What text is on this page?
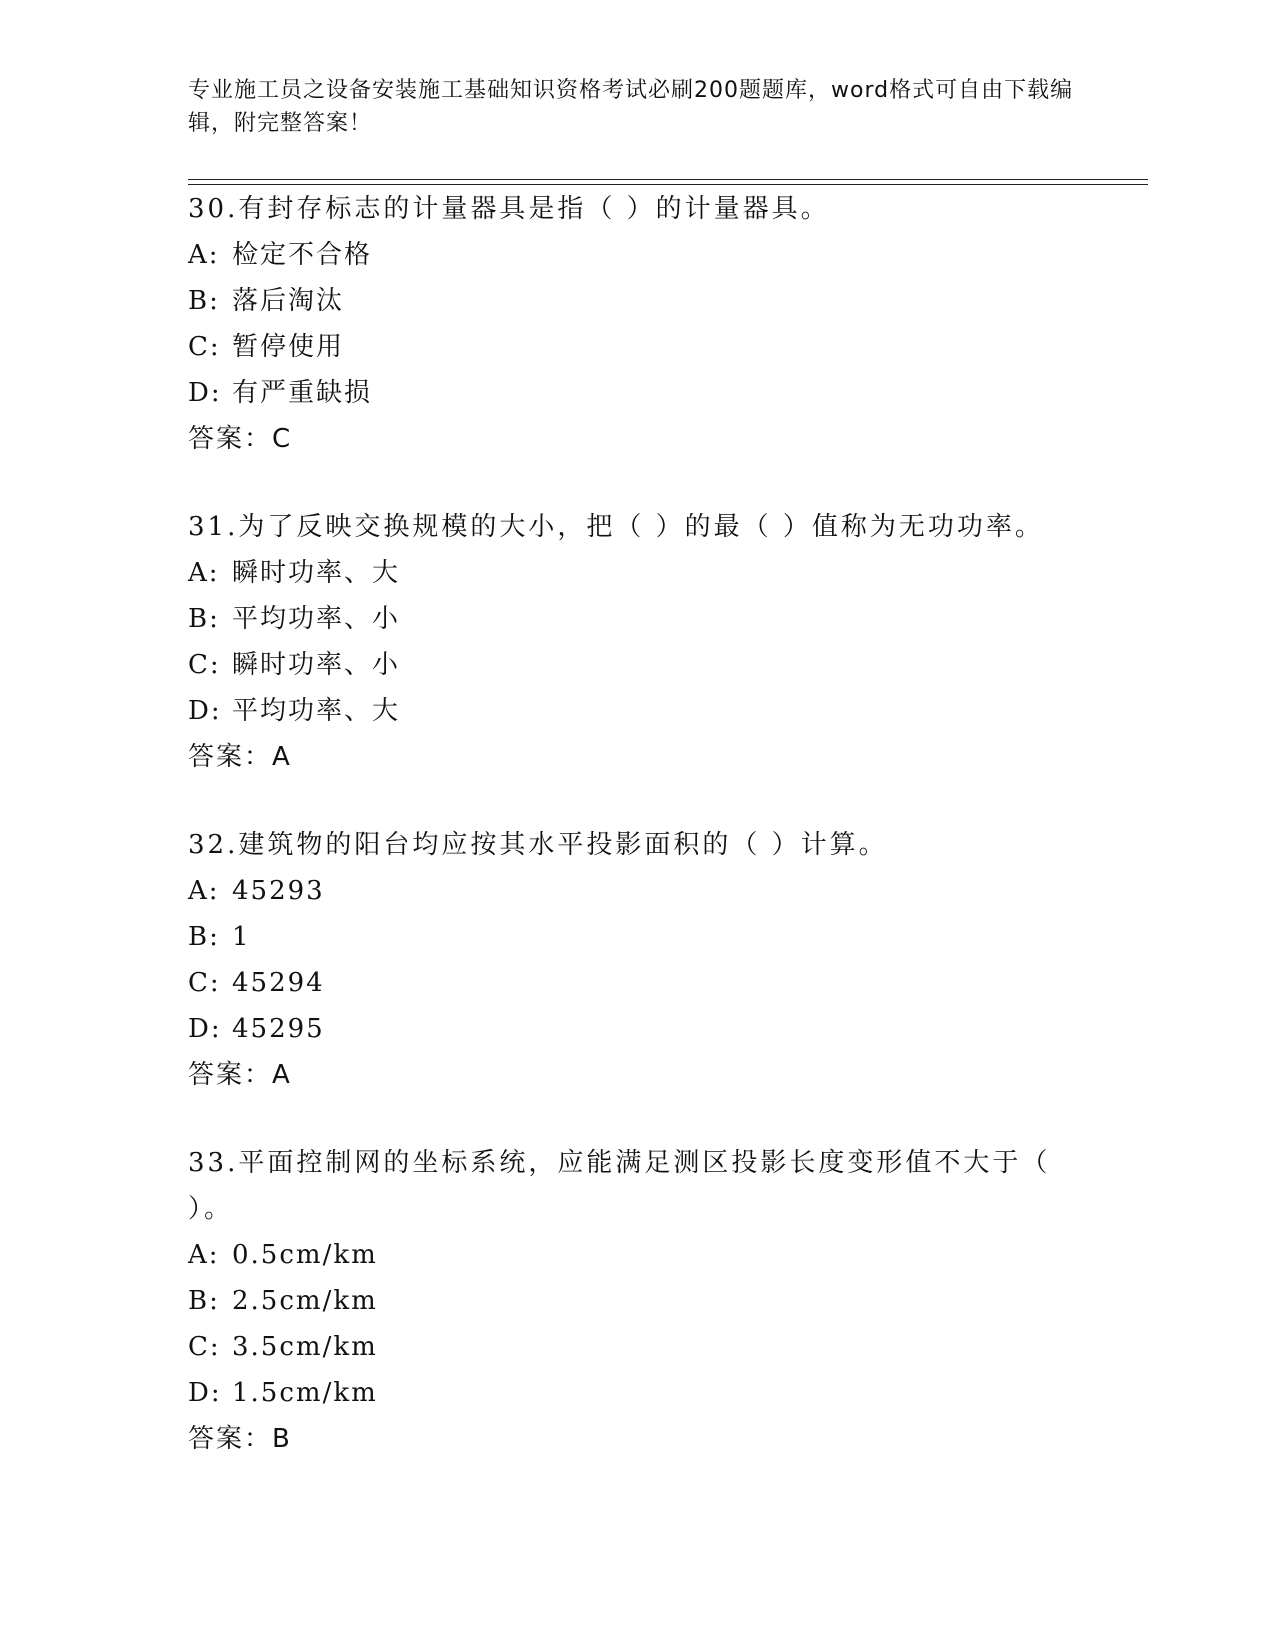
专业施工员之设备安装施工基础知识资格考试必刷200题题库，word格式可自由下载编辑，附完整答案！

30.有封存标志的计量器具是指（ ）的计量器具。

A: 检定不合格

B: 落后淘汰

C: 暂停使用

D: 有严重缺损

答案：C

31.为了反映交换规模的大小，把（ ）的最（ ）值称为无功功率。

A: 瞬时功率、大

B: 平均功率、小

C: 瞬时功率、小

D: 平均功率、大

答案：A

32.建筑物的阳台均应按其水平投影面积的（ ）计算。

A: 45293

B: 1

C: 45294

D: 45295

答案：A

33.平面控制网的坐标系统，应能满足测区投影长度变形值不大于（ ）。

A: 0.5cm/km

B: 2.5cm/km

C: 3.5cm/km

D: 1.5cm/km

答案：B
